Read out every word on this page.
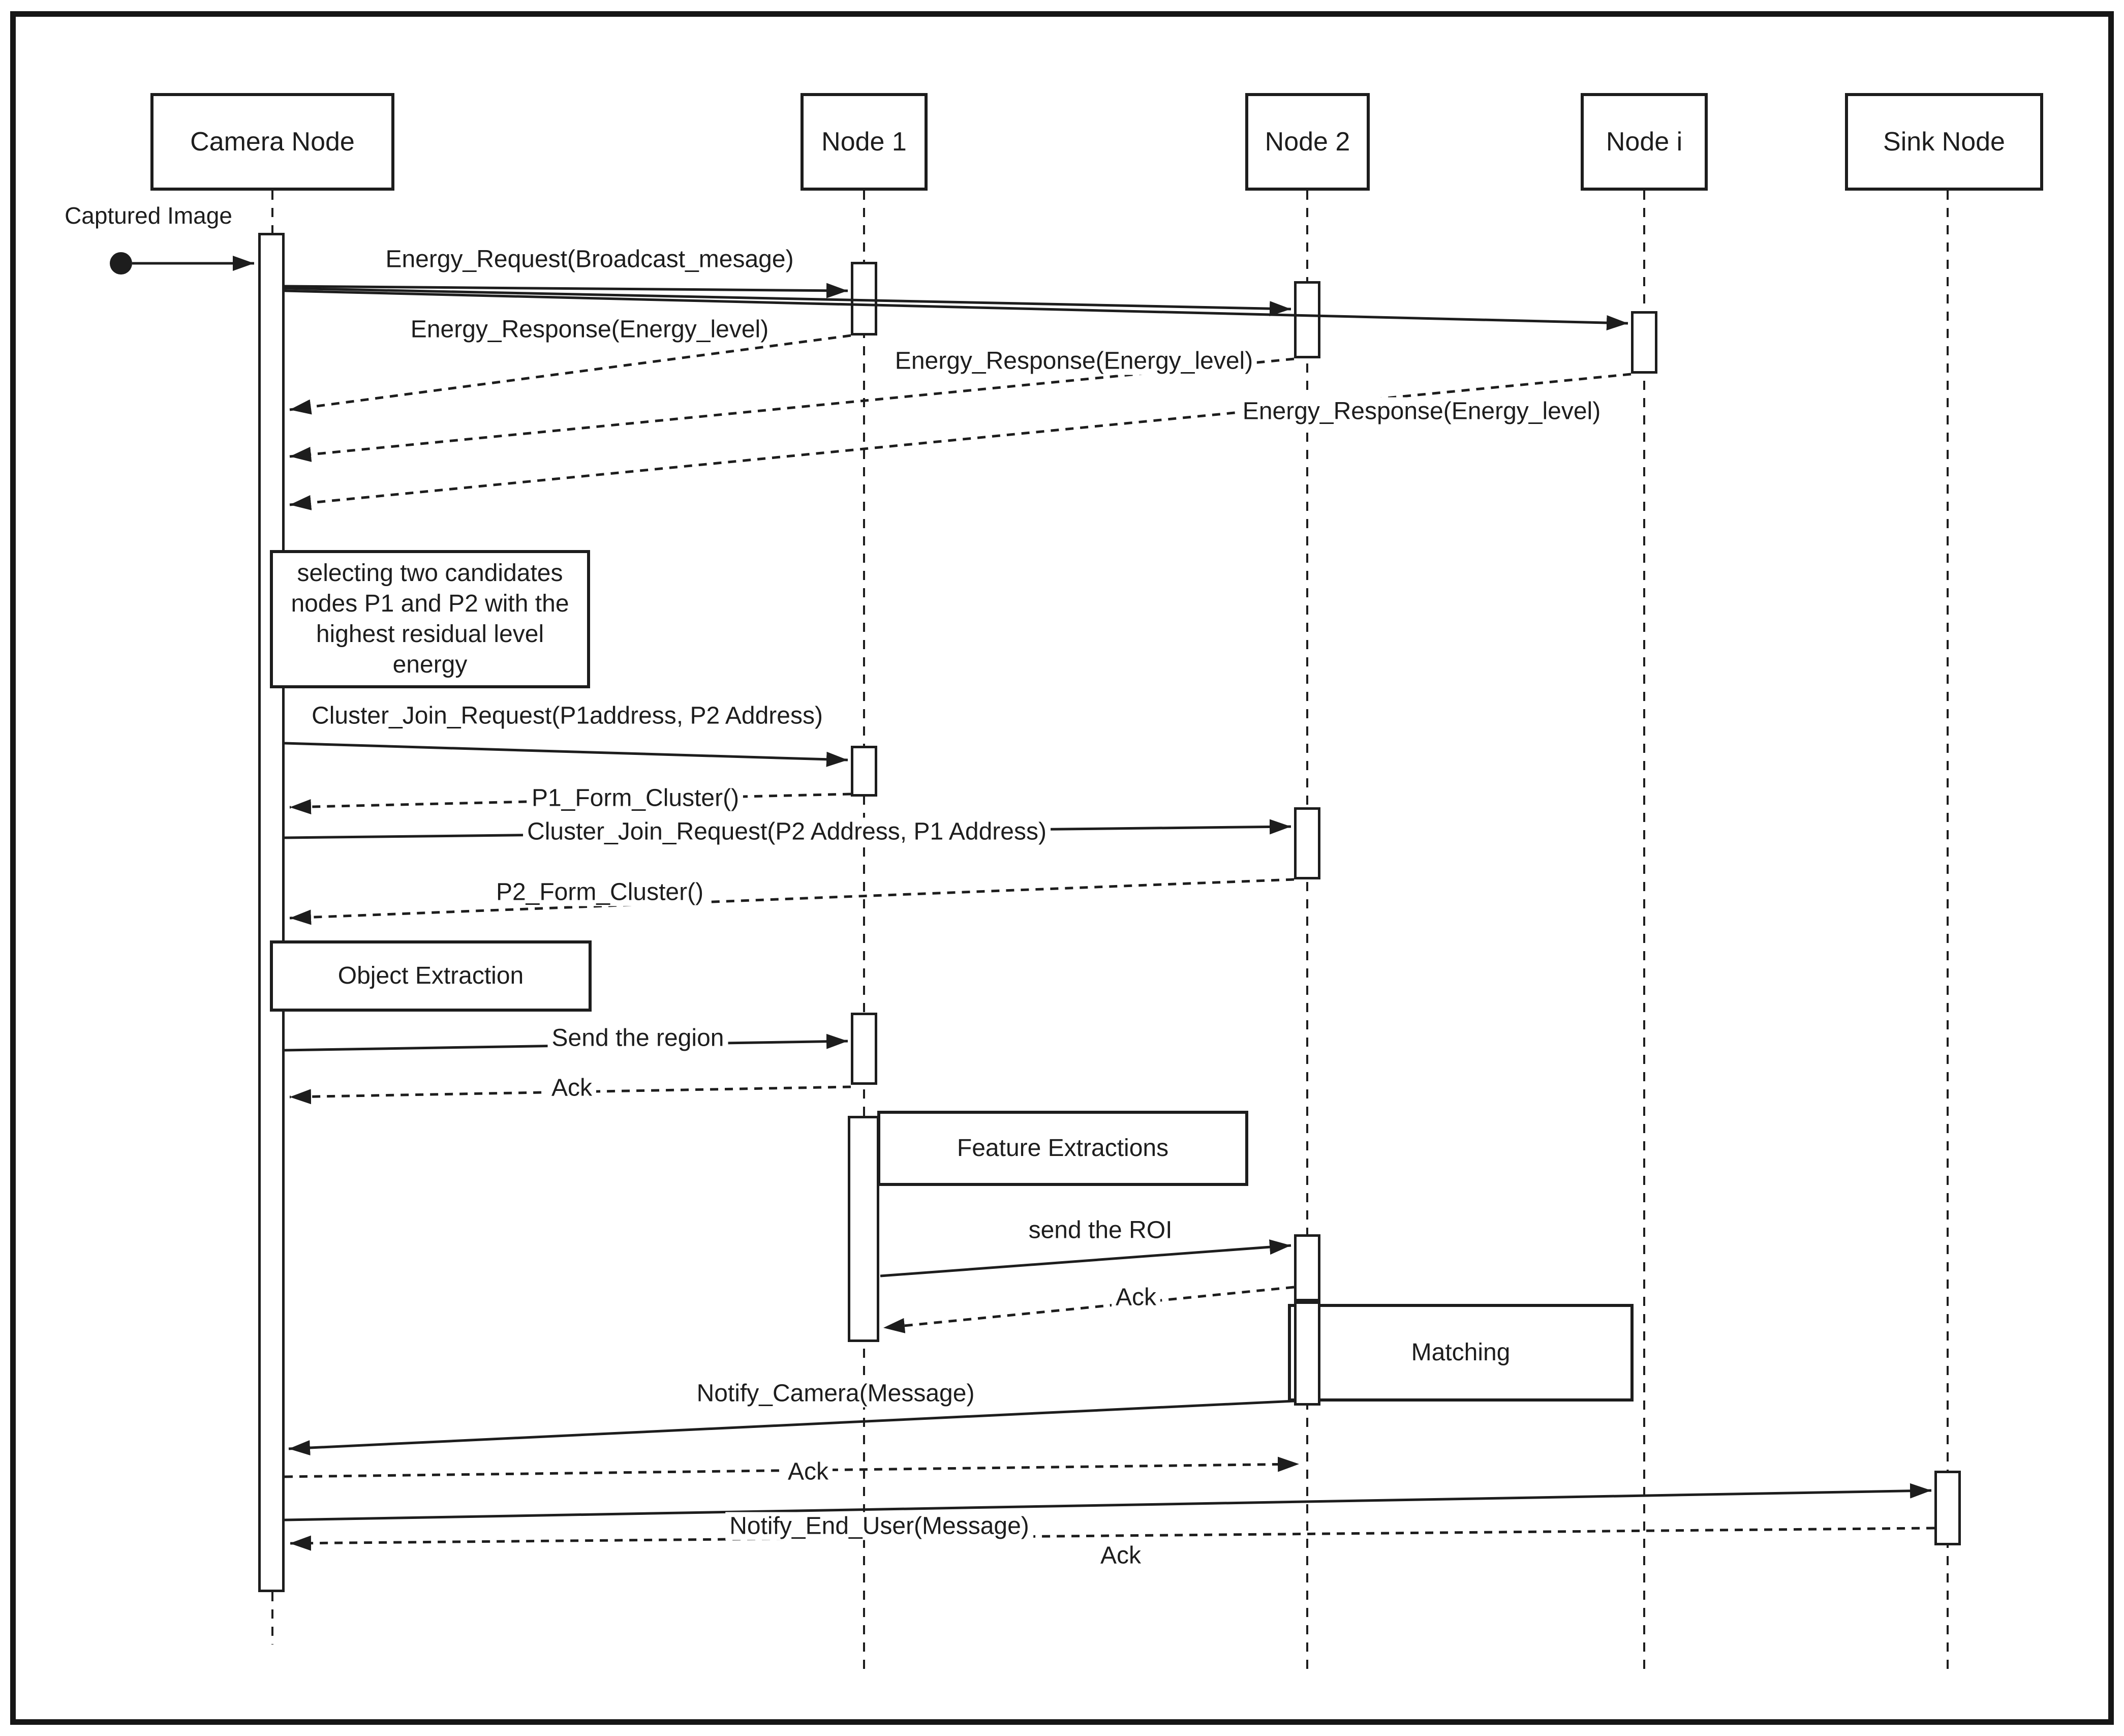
Camera Node	Node 1	Node 2	Node i	Sink Node
selecting two candidates nodes P1 and P2 with the highest residual level energy
Object Extraction
Feature Extractions
Matching
Captured Image
Energy_Request(Broadcast_mesage)
Energy_Response(Energy_level)
Energy_Response(Energy_level)
Energy_Response(Energy_level)
Cluster_Join_Request(P1address, P2 Address)
P1_Form_Cluster()
Cluster_Join_Request(P2 Address, P1 Address)
P2_Form_Cluster()
Send the region
Ack
send the ROI
Ack
Notify_Camera(Message)
Ack
Notify_End_User(Message)
Ack
